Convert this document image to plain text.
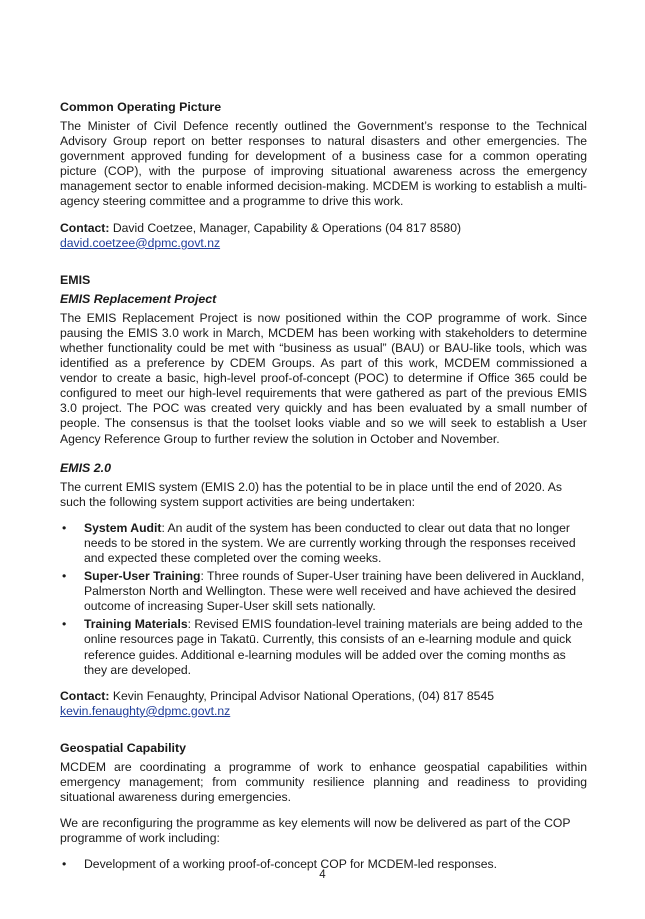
Common Operating Picture

The Minister of Civil Defence recently outlined the Government’s response to the Technical Advisory Group report on better responses to natural disasters and other emergencies. The government approved funding for development of a business case for a common operating picture (COP), with the purpose of improving situational awareness across the emergency management sector to enable informed decision-making. MCDEM is working to establish a multi-agency steering committee and a programme to drive this work.

Contact: David Coetzee, Manager, Capability & Operations (04 817 8580)

david.coetzee@dpmc.govt.nz

EMIS
EMIS Replacement Project

The EMIS Replacement Project is now positioned within the COP programme of work. Since pausing the EMIS 3.0 work in March, MCDEM has been working with stakeholders to determine whether functionality could be met with “business as usual” (BAU) or BAU-like tools, which was identified as a preference by CDEM Groups. As part of this work, MCDEM commissioned a vendor to create a basic, high-level proof-of-concept (POC) to determine if Office 365 could be configured to meet our high-level requirements that were gathered as part of the previous EMIS 3.0 project. The POC was created very quickly and has been evaluated by a small number of people. The consensus is that the toolset looks viable and so we will seek to establish a User Agency Reference Group to further review the solution in October and November.

EMIS 2.0

The current EMIS system (EMIS 2.0) has the potential to be in place until the end of 2020. As such the following system support activities are being undertaken:

• System Audit: An audit of the system has been conducted to clear out data that no longer needs to be stored in the system. We are currently working through the responses received and expected these completed over the coming weeks.
• Super-User Training: Three rounds of Super-User training have been delivered in Auckland, Palmerston North and Wellington. These were well received and have achieved the desired outcome of increasing Super-User skill sets nationally.
• Training Materials: Revised EMIS foundation-level training materials are being added to the online resources page in Takatū. Currently, this consists of an e-learning module and quick reference guides. Additional e-learning modules will be added over the coming months as they are developed.

Contact: Kevin Fenaughty, Principal Advisor National Operations, (04) 817 8545

kevin.fenaughty@dpmc.govt.nz

Geospatial Capability

MCDEM are coordinating a programme of work to enhance geospatial capabilities within emergency management; from community resilience planning and readiness to providing situational awareness during emergencies.

We are reconfiguring the programme as key elements will now be delivered as part of the COP programme of work including:

• Development of a working proof-of-concept COP for MCDEM-led responses.
4
